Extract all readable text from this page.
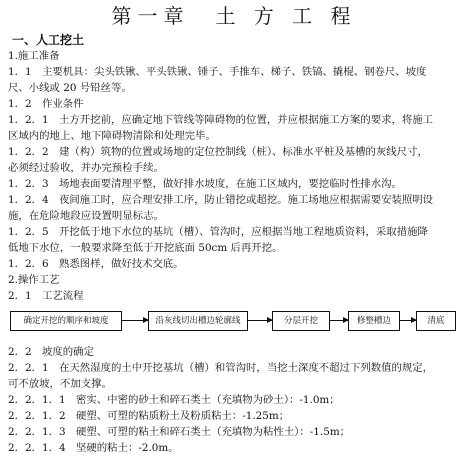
第一章　土 方 工 程
一、人工挖土

1.施工准备

1．1　主要机具：尖头铁锹、平头铁锹、锤子、手推车、梯子、铁镐、撬棍、钢卷尺、坡度

尺、小线或 20 号铅丝等。

1．2　作业条件

1．2．1　土方开挖前，应确定地下管线等障碍物的位置，并应根据施工方案的要求，将施工

区域内的地上、地下障碍物清除和处理完毕。

1．2．2　建（构）筑物的位置或场地的定位控制线（桩）、标准水平桩及基槽的灰线尺寸，

必须经过验收，并办完预检手续。

1．2．3　场地表面要清理平整，做好排水坡度，在施工区域内，要挖临时性排水沟。

1．2．4　夜间施工时，应合理安排工序，防止错挖或超挖。施工场地应根据需要安装照明设

施，在危险地段应设置明显标志。

1．2．5　开挖低于地下水位的基坑（槽）、管沟时，应根据当地工程地质资料，采取措施降

低地下水位，一般要求降至低于开挖底面 50cm 后再开挖。

1．2．6　熟悉图样，做好技术交底。

2.操作工艺

2．1　工艺流程

确定开挖的顺序和坡度	沿灰线切出槽边轮廓线	分层开挖	修整槽边	清底

2．2　坡度的确定

2．2．1　在天然湿度的土中开挖基坑（槽）和管沟时，当挖土深度不超过下列数值的规定，

可不放坡，不加支撑。

2．2．1．1　密实、中密的砂土和碎石类土（充填物为砂土）：-1.0m；

2．2．1．2　硬塑、可塑的粘质粉土及粉质粘土：-1.25m；

2．2．1．3　硬塑、可塑的粘土和碎石类土（充填物为粘性土）：-1.5m；

2．2．1．4　坚硬的粘土：-2.0m。
